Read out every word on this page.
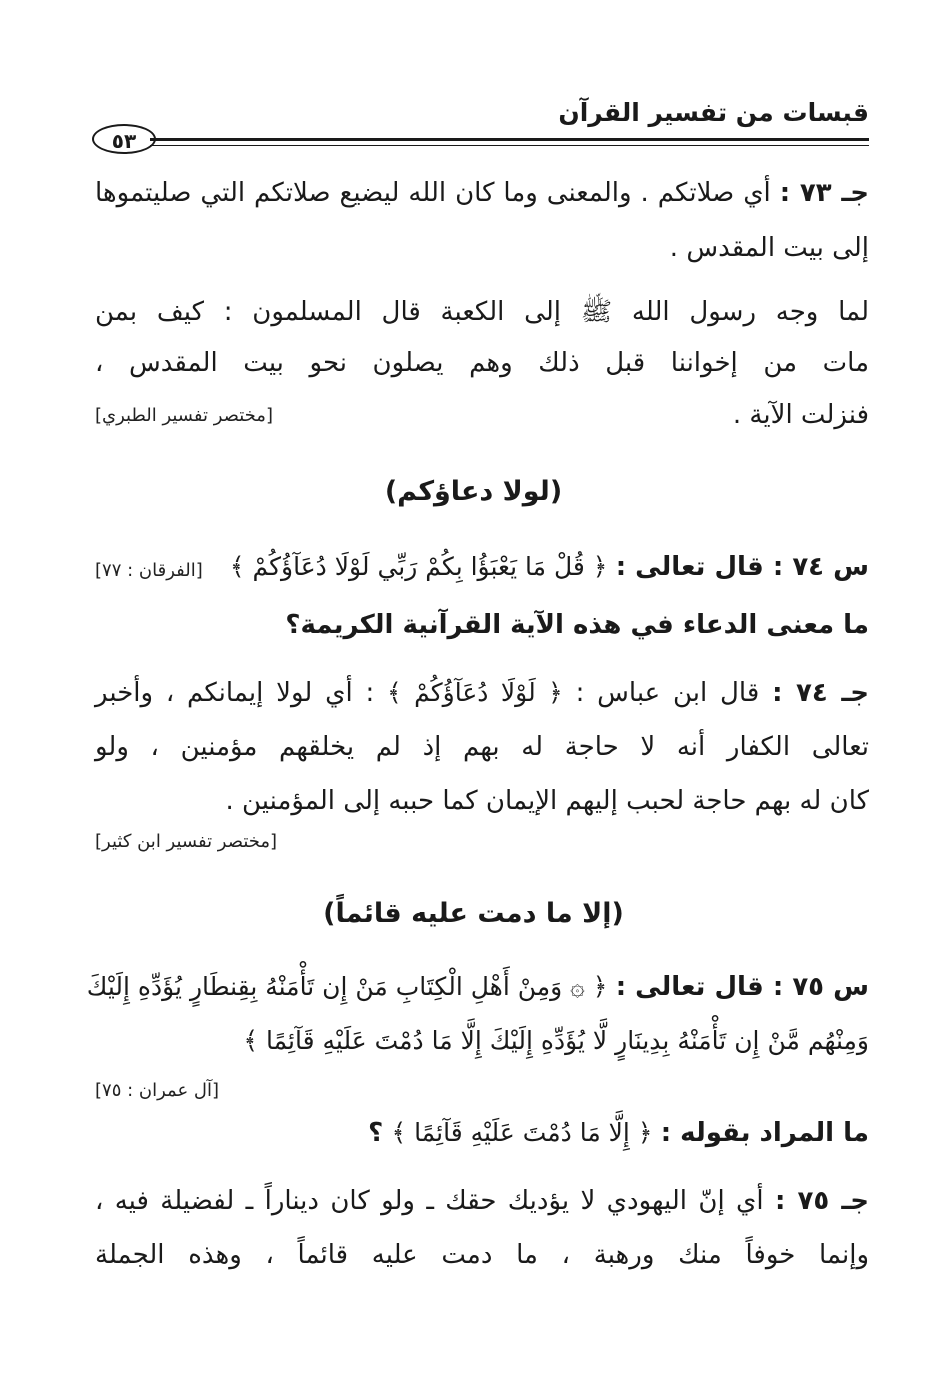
قبسات من تفسير القرآن
٥٣
جـ ٧٣ : أي صلاتكم . والمعنى وما كان الله ليضيع صلاتكم التي صليتموها
إلى بيت المقدس .
لما وجه رسول الله ﷺ إلى الكعبة قال المسلمون : كيف بمن
مات من إخواننا قبل ذلك وهم يصلون نحو بيت المقدس ،
فنزلت الآية .
[مختصر تفسير الطبري]
(لولا دعاؤكم)
س ٧٤ : قال تعالى : ﴿ قُلْ مَا يَعْبَؤُا بِكُمْ رَبِّي لَوْلَا دُعَآؤُكُمْ ﴾
[الفرقان : ٧٧]
ما معنى الدعاء في هذه الآية القرآنية الكريمة؟
جـ ٧٤ : قال ابن عباس : ﴿ لَوْلَا دُعَآؤُكُمْ ﴾ : أي لولا إيمانكم ، وأخبر
تعالى الكفار أنه لا حاجة له بهم إذ لم يخلقهم مؤمنين ، ولو
كان له بهم حاجة لحبب إليهم الإيمان كما حببه إلى المؤمنين .
[مختصر تفسير ابن كثير]
(إلا ما دمت عليه قائماً)
س ٧٥ : قال تعالى : ﴿ ۞ وَمِنْ أَهْلِ الْكِتَابِ مَنْ إِن تَأْمَنْهُ بِقِنطَارٍ يُؤَدِّهِ إِلَيْكَ
وَمِنْهُم مَّنْ إِن تَأْمَنْهُ بِدِينَارٍ لَّا يُؤَدِّهِ إِلَيْكَ إِلَّا مَا دُمْتَ عَلَيْهِ قَآئِمًا ﴾
[آل عمران : ٧٥]
ما المراد بقوله : ﴿ إِلَّا مَا دُمْتَ عَلَيْهِ قَآئِمًا ﴾ ؟
جـ ٧٥ : أي إنّ اليهودي لا يؤديك حقك ـ ولو كان ديناراً ـ لفضيلة فيه ،
وإنما خوفاً منك ورهبة ، ما دمت عليه قائماً ، وهذه الجملة
